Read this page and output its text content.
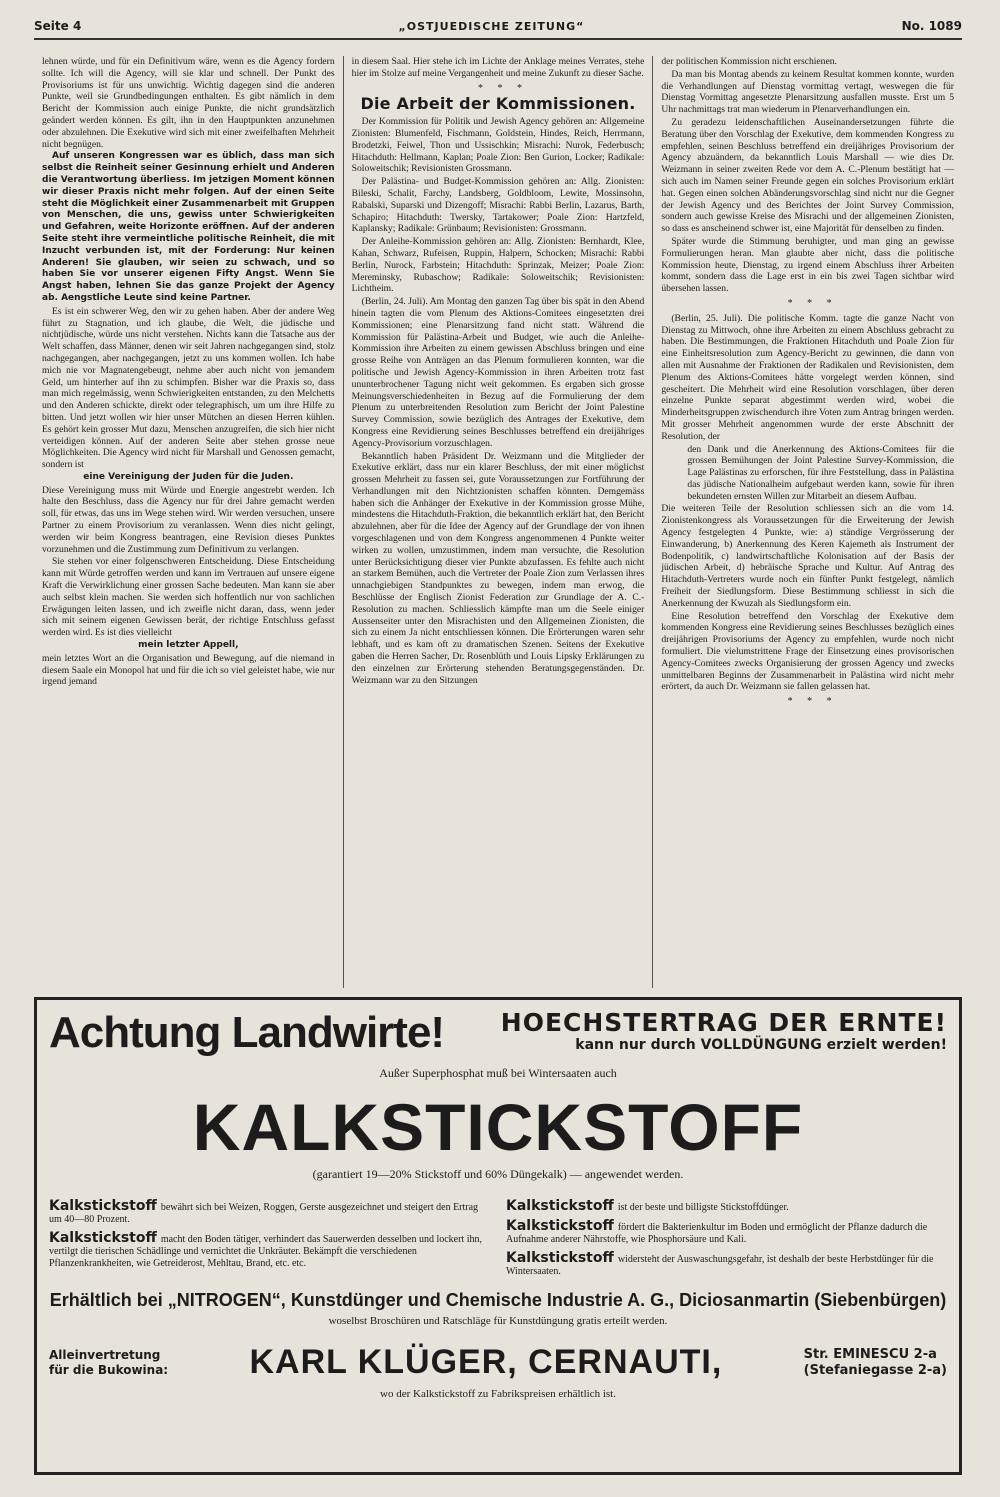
Seite 4	„OSTJUEDISCHE ZEITUNG“	No. 1089

lehnen würde, und für ein Definitivum wäre, wenn es die Agency fordern sollte. Ich will die Agency, will sie klar und schnell. Der Punkt des Provisoriums ist für uns unwichtig. Wichtig dagegen sind die anderen Punkte, weil sie Grundbedingungen enthalten. Es gibt nämlich in dem Bericht der Kommission auch einige Punkte, die nicht grundsätzlich geändert werden können. Es gilt, ihn in den Hauptpunkten anzunehmen oder abzulehnen. Die Exekutive wird sich mit einer zweifelhaften Mehrheit nicht begnügen.

Auf unseren Kongressen war es üblich, dass man sich selbst die Reinheit seiner Gesinnung erhielt und Anderen die Verantwortung überliess. Im jetzigen Moment können wir dieser Praxis nicht mehr folgen. Auf der einen Seite steht die Möglichkeit einer Zusammenarbeit mit Gruppen von Menschen, die uns, gewiss unter Schwierigkeiten und Gefahren, weite Horizonte eröffnen. Auf der anderen Seite steht ihre vermeintliche politische Reinheit, die mit Inzucht verbunden ist, mit der Forderung: Nur keinen Anderen! Sie glauben, wir seien zu schwach, und so haben Sie vor unserer eigenen Fifty Angst. Wenn Sie Angst haben, lehnen Sie das ganze Projekt der Agency ab. Aengstliche Leute sind keine Partner.

Es ist ein schwerer Weg, den wir zu gehen haben. Aber der andere Weg führt zu Stagnation, und ich glaube, die Welt, die jüdische und nichtjüdische, würde uns nicht verstehen. Nichts kann die Tatsache aus der Welt schaffen, dass Männer, denen wir seit Jahren nachgegangen sind, stolz nachgegangen, aber nachgegangen, jetzt zu uns kommen wollen. Ich habe mich nie vor Magnatengebeugt, nehme aber auch nicht von jemandem Geld, um hinterher auf ihn zu schimpfen. Bisher war die Praxis so, dass man mich regelmässig, wenn Schwierigkeiten entstanden, zu den Melchetts und den Anderen schickte, direkt oder telegraphisch, um um ihre Hilfe zu bitten. Und jetzt wollen wir hier unser Mütchen an diesen Herren kühlen. Es gehört kein grosser Mut dazu, Menschen anzugreifen, die sich hier nicht verteidigen können. Auf der anderen Seite aber stehen grosse neue Möglichkeiten. Die Agency wird nicht für Marshall und Genossen gemacht, sondern ist

eine Vereinigung der Juden für die Juden.

Diese Vereinigung muss mit Würde und Energie angestrebt werden. Ich halte den Beschluss, dass die Agency nur für drei Jahre gemacht werden soll, für etwas, das uns im Wege stehen wird. Wir werden versuchen, unsere Partner zu einem Provisorium zu veranlassen. Wenn dies nicht gelingt, werden wir beim Kongress beantragen, eine Revision dieses Punktes vorzunehmen und die Zustimmung zum Definitivum zu verlangen.

Sie stehen vor einer folgenschweren Entscheidung. Diese Entscheidung kann mit Würde getroffen werden und kann im Vertrauen auf unsere eigene Kraft die Verwirklichung einer grossen Sache bedeuten. Man kann sie aber auch selbst klein machen. Sie werden sich hoffentlich nur von sachlichen Erwägungen leiten lassen, und ich zweifle nicht daran, dass, wenn jeder sich mit seinem eigenen Gewissen berät, der richtige Entschluss gefasst werden wird. Es ist dies vielleicht

mein letzter Appell,

mein letztes Wort an die Organisation und Bewegung, auf die niemand in diesem Saale ein Monopol hat und für die ich so viel geleistet habe, wie nur irgend jemand

in diesem Saal. Hier stehe ich im Lichte der Anklage meines Verrates, stehe hier im Stolze auf meine Vergangenheit und meine Zukunft zu dieser Sache.

* * *

Die Arbeit der Kommissionen.

Der Kommission für Politik und Jewish Agency gehören an: Allgemeine Zionisten: Blumenfeld, Fischmann, Goldstein, Hindes, Reich, Herrmann, Brodetzki, Feiwel, Thon und Ussischkin; Misrachi: Nurok, Federbusch; Hitachduth: Hellmann, Kaplan; Poale Zion: Ben Gurion, Locker; Radikale: Soloweitschik; Revisionisten Grossmann.

Der Palästina- und Budget-Kommission gehören an: Allg. Zionisten: Bileski, Schalit, Farchy, Landsberg, Goldbloom, Lewite, Mossinsohn, Rabalski, Suparski und Dizengoff; Misrachi: Rabbi Berlin, Lazarus, Barth, Schapiro; Hitachduth: Twersky, Tartakower; Poale Zion: Hartzfeld, Kaplansky; Radikale: Grünbaum; Revisionisten: Grossmann.

Der Anleihe-Kommission gehören an: Allg. Zionisten: Bernhardt, Klee, Kahan, Schwarz, Rufeisen, Ruppin, Halpern, Schocken; Misrachi: Rabbi Berlin, Nurock, Farbstein; Hitachduth: Sprinzak, Meizer; Poale Zion: Mereminsky, Rubaschow; Radikale: Soloweitschik; Revisionisten: Lichtheim.

(Berlin, 24. Juli). Am Montag den ganzen Tag über bis spät in den Abend hinein tagten die vom Plenum des Aktions-Comitees eingesetzten drei Kommissionen; eine Plenarsitzung fand nicht statt. Während die Kommission für Palästina-Arbeit und Budget, wie auch die Anleihe-Kommission ihre Arbeiten zu einem gewissen Abschluss bringen und eine grosse Reihe von Anträgen an das Plenum formulieren konnten, war die politische und Jewish Agency-Kommission in ihren Arbeiten trotz fast ununterbrochener Tagung nicht weit gekommen. Es ergaben sich grosse Meinungsverschiedenheiten in Bezug auf die Formulierung der dem Plenum zu unterbreitenden Resolution zum Bericht der Joint Palestine Survey Commission, sowie bezüglich des Antrages der Exekutive, dem Kongress eine Revidierung seines Beschlusses betreffend ein dreijähriges Agency-Provisorium vorzuschlagen.

Bekanntlich haben Präsident Dr. Weizmann und die Mitglieder der Exekutive erklärt, dass nur ein klarer Beschluss, der mit einer möglichst grossen Mehrheit zu fassen sei, gute Voraussetzungen zur Fortführung der Verhandlungen mit den Nichtzionisten schaffen könnten. Demgemäss haben sich die Anhänger der Exekutive in der Kommission grosse Mühe, mindestens die Hitachduth-Fraktion, die bekanntlich erklärt hat, den Bericht abzulehnen, aber für die Idee der Agency auf der Grundlage der von ihnen vorgeschlagenen und von dem Kongress angenommenen 4 Punkte weiter wirken zu wollen, umzustimmen, indem man versuchte, die Resolution unter Berücksichtigung dieser vier Punkte abzufassen. Es fehlte auch nicht an starkem Bemühen, auch die Vertreter der Poale Zion zum Verlassen ihres unnachgiebigen Standpunktes zu bewegen, indem man erwog, die Beschlüsse der Englisch Zionist Federation zur Grundlage der A. C.-Resolution zu machen. Schliesslich kämpfte man um die Seele einiger Aussenseiter unter den Misrachisten und den Allgemeinen Zionisten, die sich zu einem Ja nicht entschliessen können. Die Erörterungen waren sehr lebhaft, und es kam oft zu dramatischen Szenen. Seitens der Exekutive gaben die Herren Sacher, Dr. Rosenblüth und Louis Lipsky Erklärungen zu den einzelnen zur Erörterung stehenden Beratungsgegenständen. Dr. Weizmann war zu den Sitzungen

der politischen Kommission nicht erschienen.

Da man bis Montag abends zu keinem Resultat kommen konnte, wurden die Verhandlungen auf Dienstag vormittag vertagt, weswegen die für Dienstag Vormittag angesetzte Plenarsitzung ausfallen musste. Erst um 5 Uhr nachmittags trat man wiederum in Plenarverhandlungen ein.

Zu geradezu leidenschaftlichen Auseinandersetzungen führte die Beratung über den Vorschlag der Exekutive, dem kommenden Kongress zu empfehlen, seinen Beschluss betreffend ein dreijähriges Provisorium der Agency abzuändern, da bekanntlich Louis Marshall — wie dies Dr. Weizmann in seiner zweiten Rede vor dem A. C.-Plenum bestätigt hat — sich auch im Namen seiner Freunde gegen ein solches Provisorium erklärt hat. Gegen einen solchen Abänderungsvorschlag sind nicht nur die Gegner der Jewish Agency und des Berichtes der Joint Survey Commission, sondern auch gewisse Kreise des Misrachi und der allgemeinen Zionisten, so dass es anscheinend schwer ist, eine Majorität für denselben zu finden.

Später wurde die Stimmung beruhigter, und man ging an gewisse Formulierungen heran. Man glaubte aber nicht, dass die politische Kommission heute, Dienstag, zu irgend einem Abschluss ihrer Arbeiten kommt, sondern dass die Lage erst in ein bis zwei Tagen sichtbar wird übersehen lassen.

* * *

(Berlin, 25. Juli). Die politische Komm. tagte die ganze Nacht von Dienstag zu Mittwoch, ohne ihre Arbeiten zu einem Abschluss gebracht zu haben. Die Bestimmungen, die Fraktionen Hitachduth und Poale Zion für eine Einheitsresolution zum Agency-Bericht zu gewinnen, die dann von allen mit Ausnahme der Fraktionen der Radikalen und Revisionisten, dem Plenum des Aktions-Comitees hätte vorgelegt werden können, sind gescheitert. Die Mehrheit wird eine Resolution vorschlagen, über deren einzelne Punkte separat abgestimmt werden wird, wobei die Minderheitsgruppen zwischendurch ihre Voten zum Antrag bringen werden. Mit grosser Mehrheit angenommen wurde der erste Abschnitt der Resolution, der

den Dank und die Anerkennung des Aktions-Comitees für die grossen Bemühungen der Joint Palestine Survey-Kommission, die Lage Palästinas zu erforschen, für ihre Feststellung, dass in Palästina das jüdische Nationalheim aufgebaut werden kann, sowie für ihren bekundeten ernsten Willen zur Mitarbeit an diesem Aufbau.

Die weiteren Teile der Resolution schliessen sich an die vom 14. Zionistenkongress als Voraussetzungen für die Erweiterung der Jewish Agency festgelegten 4 Punkte, wie: a) ständige Vergrösserung der Einwanderung, b) Anerkennung des Keren Kajemeth als Instrument der Bodenpolitik, c) landwirtschaftliche Kolonisation auf der Basis der jüdischen Arbeit, d) hebräische Sprache und Kultur. Auf Antrag des Hitachduth-Vertreters wurde noch ein fünfter Punkt festgelegt, nämlich Freiheit der Siedlungsform. Diese Bestimmung schliesst in sich die Anerkennung der Kwuzah als Siedlungsform ein.

Eine Resolution betreffend den Vorschlag der Exekutive dem kommenden Kongress eine Revidierung seines Beschlusses bezüglich eines dreijährigen Provisoriums der Agency zu empfehlen, wurde noch nicht formuliert. Die vielumstrittene Frage der Einsetzung eines provisorischen Agency-Comitees zwecks Organisierung der grossen Agency und zwecks unmittelbaren Beginns der Zusammenarbeit in Palästina wird nicht mehr erörtert, da auch Dr. Weizmann sie fallen gelassen hat.

* * *

Achtung Landwirte! HOECHSTERTRAG DER ERNTE!
kann nur durch VOLLDÜNGUNG erzielt werden!
Außer Superphosphat muß bei Wintersaaten auch
KALKSTICKSTOFF
(garantiert 19—20% Stickstoff und 60% Düngekalk) — angewendet werden.
Kalkstickstoff bewährt sich bei Weizen, Roggen, Gerste ausgezeichnet und steigert den Ertrag um 40—80 Prozent.
Kalkstickstoff macht den Boden tätiger, verhindert das Sauerwerden desselben und lockert ihn, vertilgt die tierischen Schädlinge und vernichtet die Unkräuter. Bekämpft die verschiedenen Pflanzenkrankheiten, wie Getreiderost, Mehltau, Brand, etc. etc.
Kalkstickstoff ist der beste und billigste Stickstoffdünger.
Kalkstickstoff fördert die Bakterienkultur im Boden und ermöglicht der Pflanze dadurch die Aufnahme anderer Nährstoffe, wie Phosphorsäure und Kali.
Kalkstickstoff widersteht der Auswaschungsgefahr, ist deshalb der beste Herbstdünger für die Wintersaaten.
Erhältlich bei „NITROGEN“, Kunstdünger und Chemische Industrie A. G., Diciosanmartin (Siebenbürgen)
woselbst Broschüren und Ratschläge für Kunstdüngung gratis erteilt werden.
Alleinvertretung
für die Bukowina: KARL KLÜGER, CERNAUTI,	Str. EMINESCU 2-a
(Stefaniegasse 2-a)
wo der Kalkstickstoff zu Fabrikspreisen erhältlich ist.
